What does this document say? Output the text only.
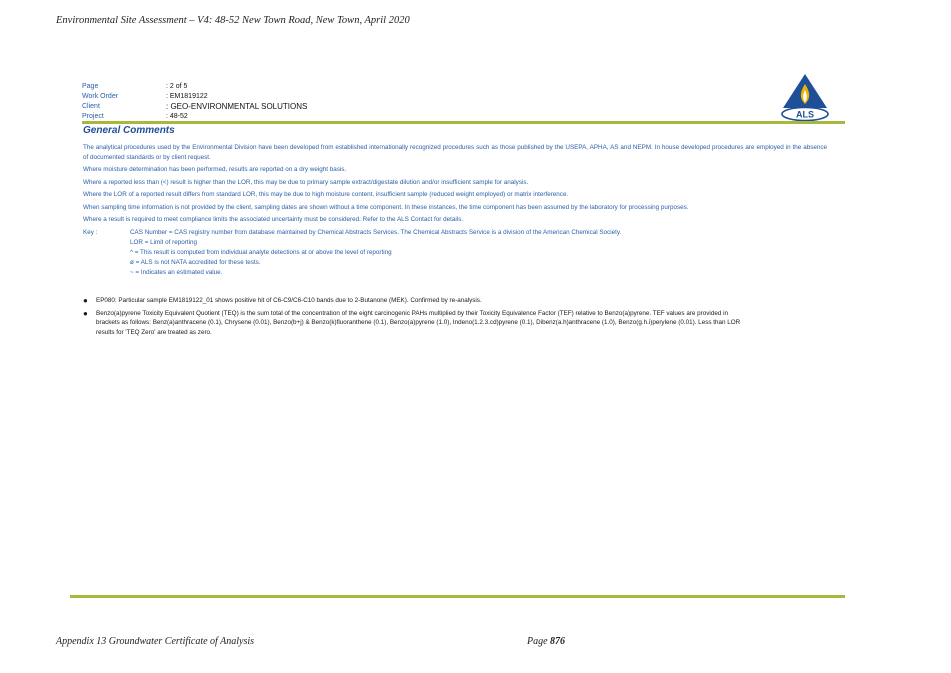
Environmental Site Assessment – V4: 48-52 New Town Road, New Town, April 2020
Page	: 2 of 5
Work Order	: EM1819122
Client	: GEO-ENVIRONMENTAL SOLUTIONS
Project	: 48-52	ALS
General Comments

The analytical procedures used by the Environmental Division have been developed from established internationally recognized procedures such as those published by the USEPA, APHA, AS and NEPM. In house developed procedures are employed in the absence of documented standards or by client request.

Where moisture determination has been performed, results are reported on a dry weight basis.

Where a reported less than (<) result is higher than the LOR, this may be due to primary sample extract/digestate dilution and/or insufficient sample for analysis.

Where the LOR of a reported result differs from standard LOR, this may be due to high moisture content, insufficient sample (reduced weight employed) or matrix interference.

When sampling time information is not provided by the client, sampling dates are shown without a time component. In these instances, the time component has been assumed by the laboratory for processing purposes.

Where a result is required to meet compliance limits the associated uncertainty must be considered. Refer to the ALS Contact for details.

Key :	CAS Number = CAS registry number from database maintained by Chemical Abstracts Services. The Chemical Abstracts Service is a division of the American Chemical Society.
LOR = Limit of reporting
^ = This result is computed from individual analyte detections at or above the level of reporting
ø = ALS is not NATA accredited for these tests.
~ = Indicates an estimated value.
●	EP080: Particular sample EM1819122_01 shows positive hit of C6-C9/C6-C10 bands due to 2-Butanone (MEK). Confirmed by re-analysis.
●	Benzo(a)pyrene Toxicity Equivalent Quotient (TEQ) is the sum total of the concentration of the eight carcinogenic PAHs multiplied by their Toxicity Equivalence Factor (TEF) relative to Benzo(a)pyrene. TEF values are provided in brackets as follows: Benz(a)anthracene (0.1), Chrysene (0.01), Benzo(b+j) & Benzo(k)fluoranthene (0.1), Benzo(a)pyrene (1.0), Indeno(1.2.3.cd)pyrene (0.1), Dibenz(a.h)anthracene (1.0), Benzo(g.h.i)perylene (0.01). Less than LOR results for 'TEQ Zero' are treated as zero.
Appendix 13 Groundwater Certificate of Analysis	Page 876
